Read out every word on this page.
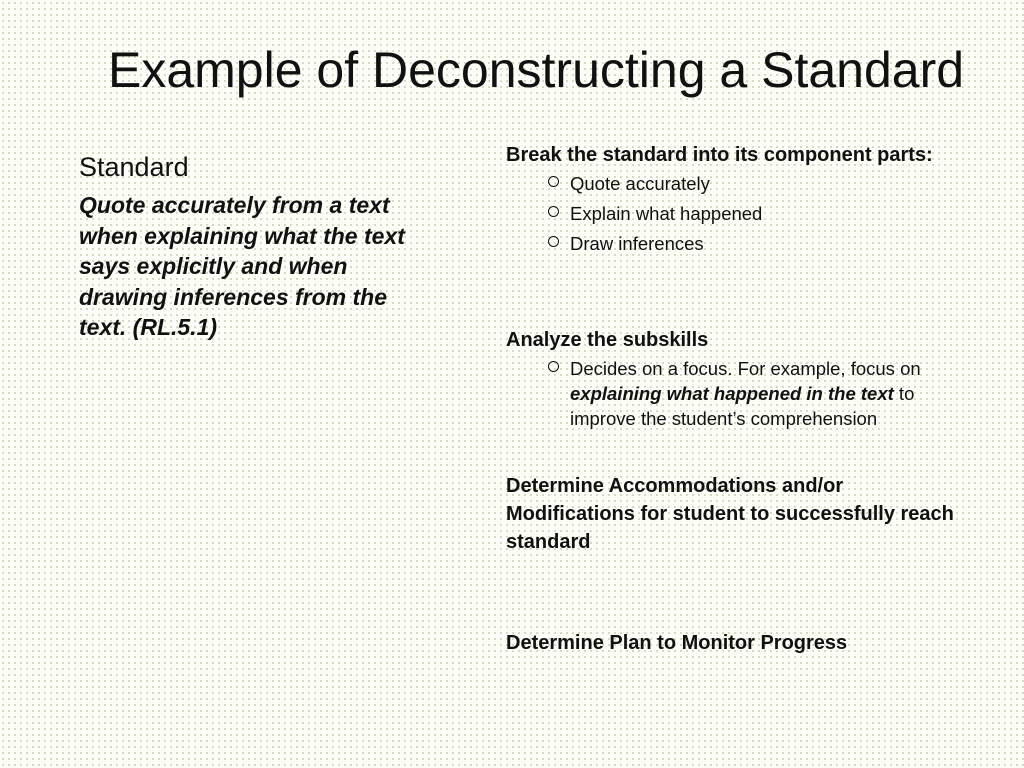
Example of Deconstructing a Standard
Standard
Quote accurately from a text when explaining what the text says explicitly and when drawing inferences from the text. (RL.5.1)
Break the standard into its component parts:
Quote accurately
Explain what happened
Draw inferences
Analyze the subskills
Decides on a focus. For example, focus on explaining what happened in the text to improve the student’s comprehension
Determine Accommodations and/or Modifications for student to successfully reach standard
Determine Plan to Monitor Progress
